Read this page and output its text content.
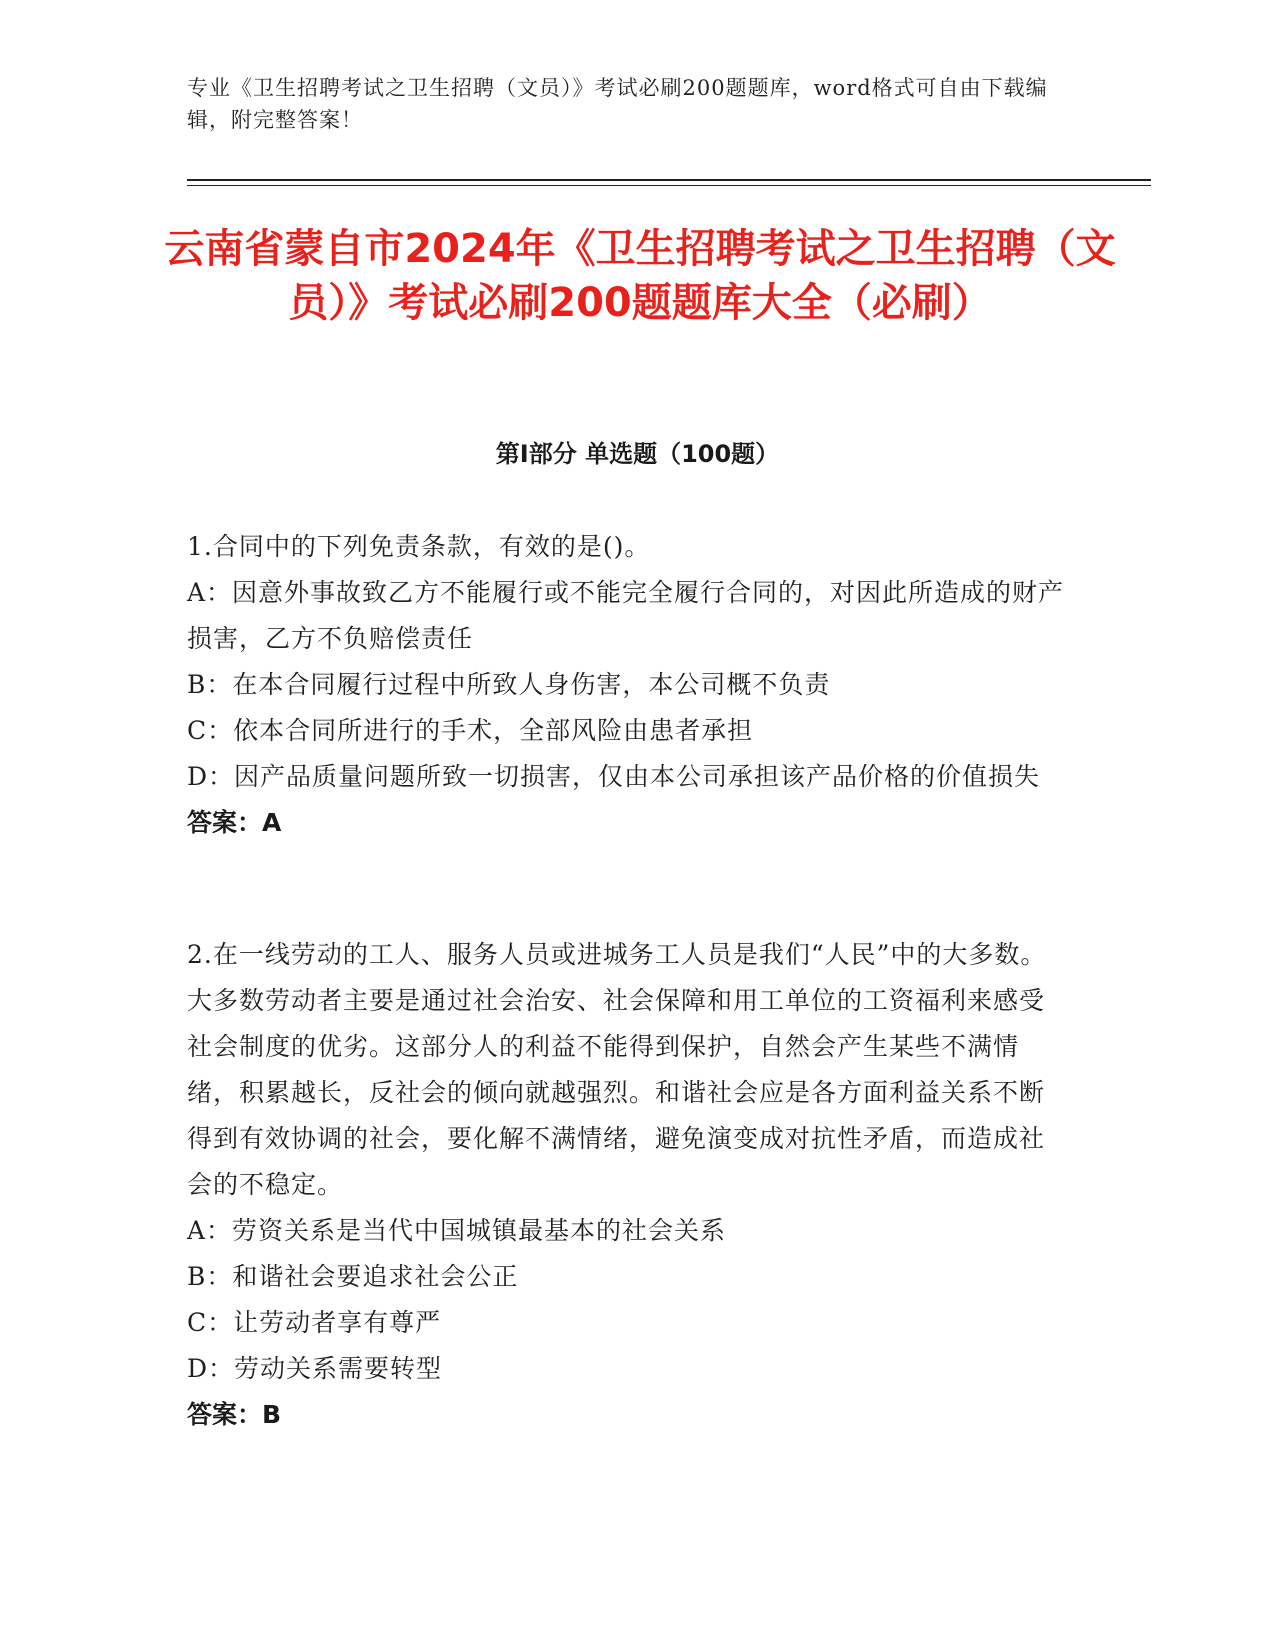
专业《卫生招聘考试之卫生招聘（文员）》考试必刷200题题库，word格式可自由下载编辑，附完整答案！
云南省蒙自市2024年《卫生招聘考试之卫生招聘（文员）》考试必刷200题题库大全（必刷）
第Ⅰ部分 单选题（100题）

1.合同中的下列免责条款，有效的是()。

A：因意外事故致乙方不能履行或不能完全履行合同的，对因此所造成的财产损害，乙方不负赔偿责任

B：在本合同履行过程中所致人身伤害，本公司概不负责

C：依本合同所进行的手术，全部风险由患者承担

D：因产品质量问题所致一切损害，仅由本公司承担该产品价格的价值损失

答案：A

2.在一线劳动的工人、服务人员或进城务工人员是我们“人民”中的大多数。大多数劳动者主要是通过社会治安、社会保障和用工单位的工资福利来感受社会制度的优劣。这部分人的利益不能得到保护，自然会产生某些不满情绪，积累越长，反社会的倾向就越强烈。和谐社会应是各方面利益关系不断得到有效协调的社会，要化解不满情绪，避免演变成对抗性矛盾，而造成社会的不稳定。

A：劳资关系是当代中国城镇最基本的社会关系

B：和谐社会要追求社会公正

C：让劳动者享有尊严

D：劳动关系需要转型

答案：B
